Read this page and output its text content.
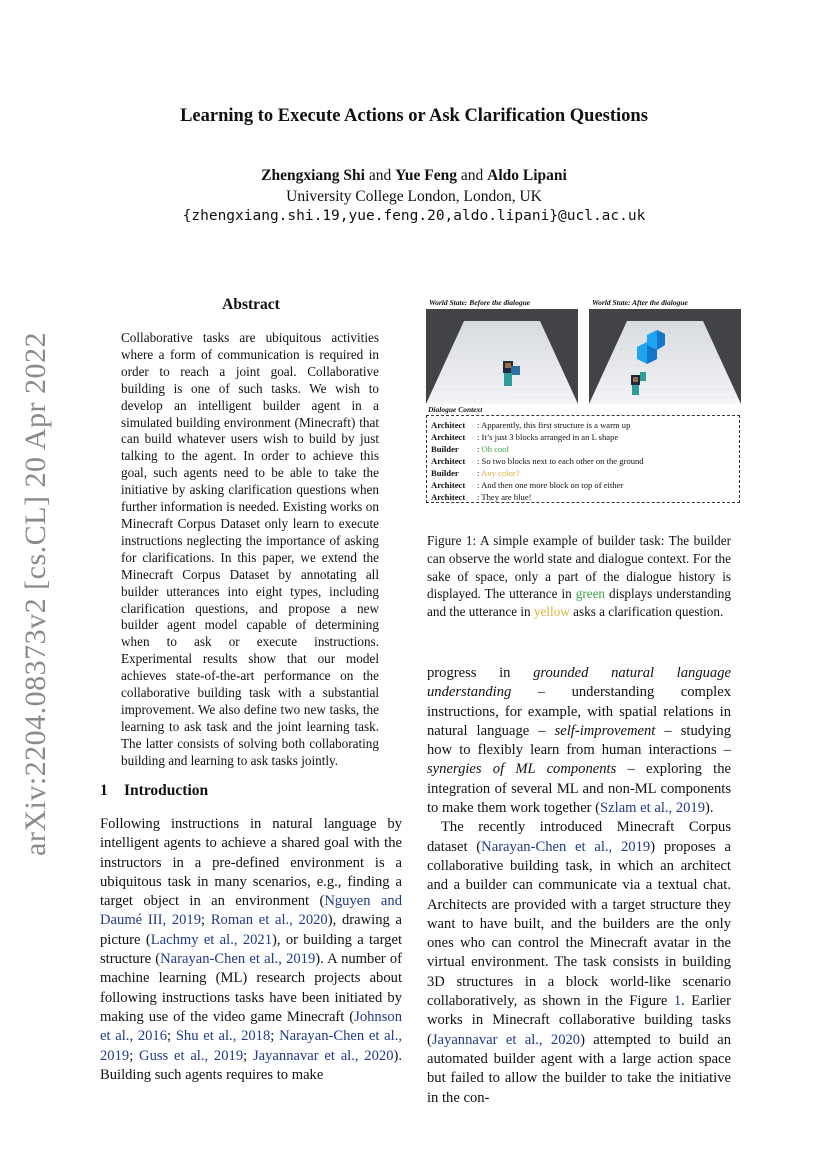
arXiv:2204.08373v2 [cs.CL] 20 Apr 2022
Learning to Execute Actions or Ask Clarification Questions
Zhengxiang Shi and Yue Feng and Aldo Lipani
University College London, London, UK
{zhengxiang.shi.19,yue.feng.20,aldo.lipani}@ucl.ac.uk
Abstract
Collaborative tasks are ubiquitous activities where a form of communication is required in order to reach a joint goal. Collaborative building is one of such tasks. We wish to develop an intelligent builder agent in a simulated building environment (Minecraft) that can build whatever users wish to build by just talking to the agent. In order to achieve this goal, such agents need to be able to take the initiative by asking clarification questions when further information is needed. Existing works on Minecraft Corpus Dataset only learn to execute instructions neglecting the importance of asking for clarifications. In this paper, we extend the Minecraft Corpus Dataset by annotating all builder utterances into eight types, including clarification questions, and propose a new builder agent model capable of determining when to ask or execute instructions. Experimental results show that our model achieves state-of-the-art performance on the collaborative building task with a substantial improvement. We also define two new tasks, the learning to ask task and the joint learning task. The latter consists of solving both collaborating building and learning to ask tasks jointly.
World State: Before the dialogue	World State: After the dialogue
Dialogue Context
Architect : Apparently, this first structure is a warm up
Architect : It’s just 3 blocks arranged in an L shape
Builder : Oh cool
Architect : So two blocks next to each other on the ground
Builder : Any color?
Architect : And then one more block on top of either
Architect : They are blue!
Figure 1: A simple example of builder task: The builder can observe the world state and dialogue context. For the sake of space, only a part of the dialogue history is displayed. The utterance in green displays understanding and the utterance in yellow asks a clarification question.
1 Introduction
Following instructions in natural language by intelligent agents to achieve a shared goal with the instructors in a pre-defined environment is a ubiquitous task in many scenarios, e.g., finding a target object in an environment (Nguyen and Daumé III, 2019; Roman et al., 2020), drawing a picture (Lachmy et al., 2021), or building a target structure (Narayan-Chen et al., 2019). A number of machine learning (ML) research projects about following instructions tasks have been initiated by making use of the video game Minecraft (Johnson et al., 2016; Shu et al., 2018; Narayan-Chen et al., 2019; Guss et al., 2019; Jayannavar et al., 2020). Building such agents requires to make
progress in grounded natural language understanding – understanding complex instructions, for example, with spatial relations in natural language – self-improvement – studying how to flexibly learn from human interactions – synergies of ML components – exploring the integration of several ML and non-ML components to make them work together (Szlam et al., 2019).
The recently introduced Minecraft Corpus dataset (Narayan-Chen et al., 2019) proposes a collaborative building task, in which an architect and a builder can communicate via a textual chat. Architects are provided with a target structure they want to have built, and the builders are the only ones who can control the Minecraft avatar in the virtual environment. The task consists in building 3D structures in a block world-like scenario collaboratively, as shown in the Figure 1. Earlier works in Minecraft collaborative building tasks (Jayannavar et al., 2020) attempted to build an automated builder agent with a large action space but failed to allow the builder to take the initiative in the con-
